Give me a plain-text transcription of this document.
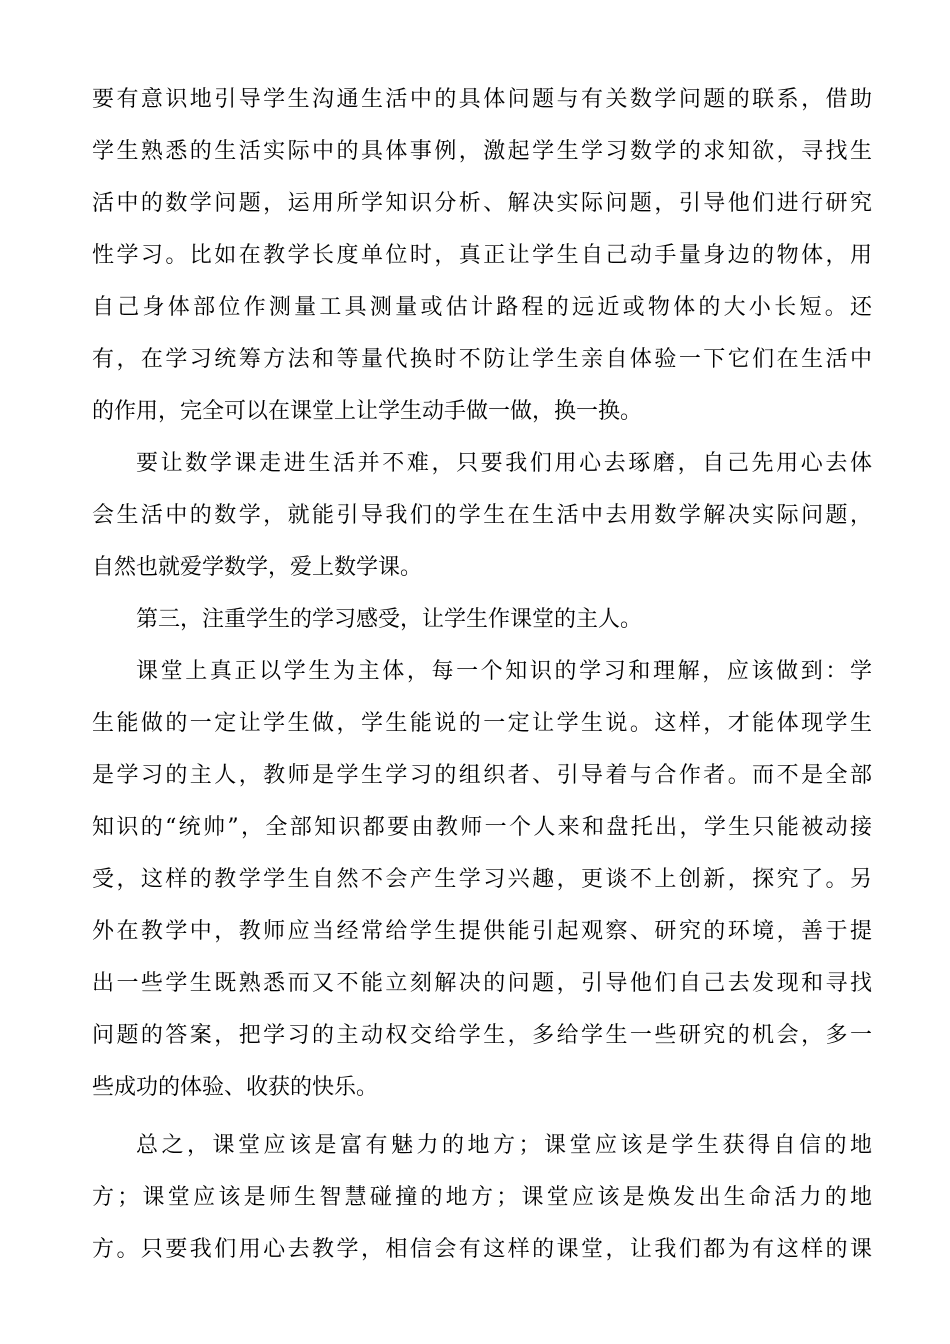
要有意识地引导学生沟通生活中的具体问题与有关数学问题的联系，借助
学生熟悉的生活实际中的具体事例，激起学生学习数学的求知欲，寻找生
活中的数学问题，运用所学知识分析、解决实际问题，引导他们进行研究
性学习。比如在教学长度单位时，真正让学生自己动手量身边的物体，用
自己身体部位作测量工具测量或估计路程的远近或物体的大小长短。还
有，在学习统筹方法和等量代换时不防让学生亲自体验一下它们在生活中
的作用，完全可以在课堂上让学生动手做一做，换一换。
要让数学课走进生活并不难，只要我们用心去琢磨，自己先用心去体
会生活中的数学，就能引导我们的学生在生活中去用数学解决实际问题，
自然也就爱学数学，爱上数学课。
第三，注重学生的学习感受，让学生作课堂的主人。
课堂上真正以学生为主体，每一个知识的学习和理解，应该做到：学
生能做的一定让学生做，学生能说的一定让学生说。这样，才能体现学生
是学习的主人，教师是学生学习的组织者、引导着与合作者。而不是全部
知识的“统帅”，全部知识都要由教师一个人来和盘托出，学生只能被动接
受，这样的教学学生自然不会产生学习兴趣，更谈不上创新，探究了。另
外在教学中，教师应当经常给学生提供能引起观察、研究的环境，善于提
出一些学生既熟悉而又不能立刻解决的问题，引导他们自己去发现和寻找
问题的答案，把学习的主动权交给学生，多给学生一些研究的机会，多一
些成功的体验、收获的快乐。
总之，课堂应该是富有魅力的地方；课堂应该是学生获得自信的地
方；课堂应该是师生智慧碰撞的地方；课堂应该是焕发出生命活力的地
方。只要我们用心去教学，相信会有这样的课堂，让我们都为有这样的课
